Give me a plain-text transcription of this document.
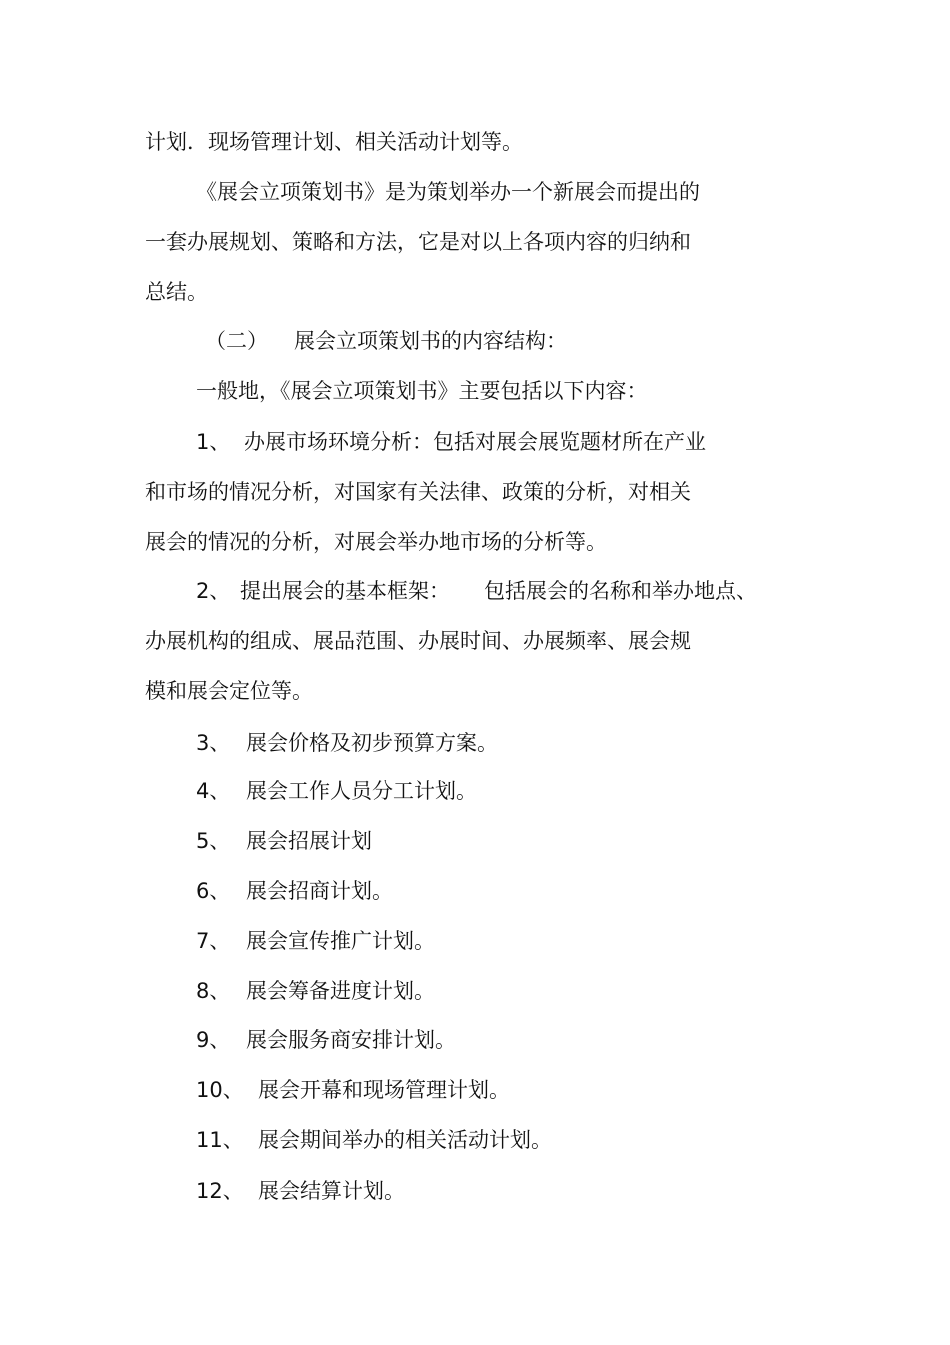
计划．现场管理计划、相关活动计划等。
《展会立项策划书》是为策划举办一个新展会而提出的
一套办展规划、策略和方法，它是对以上各项内容的归纳和
总结。
（二） 展会立项策划书的内容结构：
一般地，《展会立项策划书》主要包括以下内容：
1、 办展市场环境分析：包括对展会展览题材所在产业
和市场的情况分析，对国家有关法律、政策的分析，对相关
展会的情况的分析，对展会举办地市场的分析等。
2、 提出展会的基本框架： 包括展会的名称和举办地点、
办展机构的组成、展品范围、办展时间、办展频率、展会规
模和展会定位等。
3、 展会价格及初步预算方案。
4、 展会工作人员分工计划。
5、 展会招展计划
6、 展会招商计划。
7、 展会宣传推广计划。
8、 展会筹备进度计划。
9、 展会服务商安排计划。
10、 展会开幕和现场管理计划。
11、 展会期间举办的相关活动计划。
12、 展会结算计划。
